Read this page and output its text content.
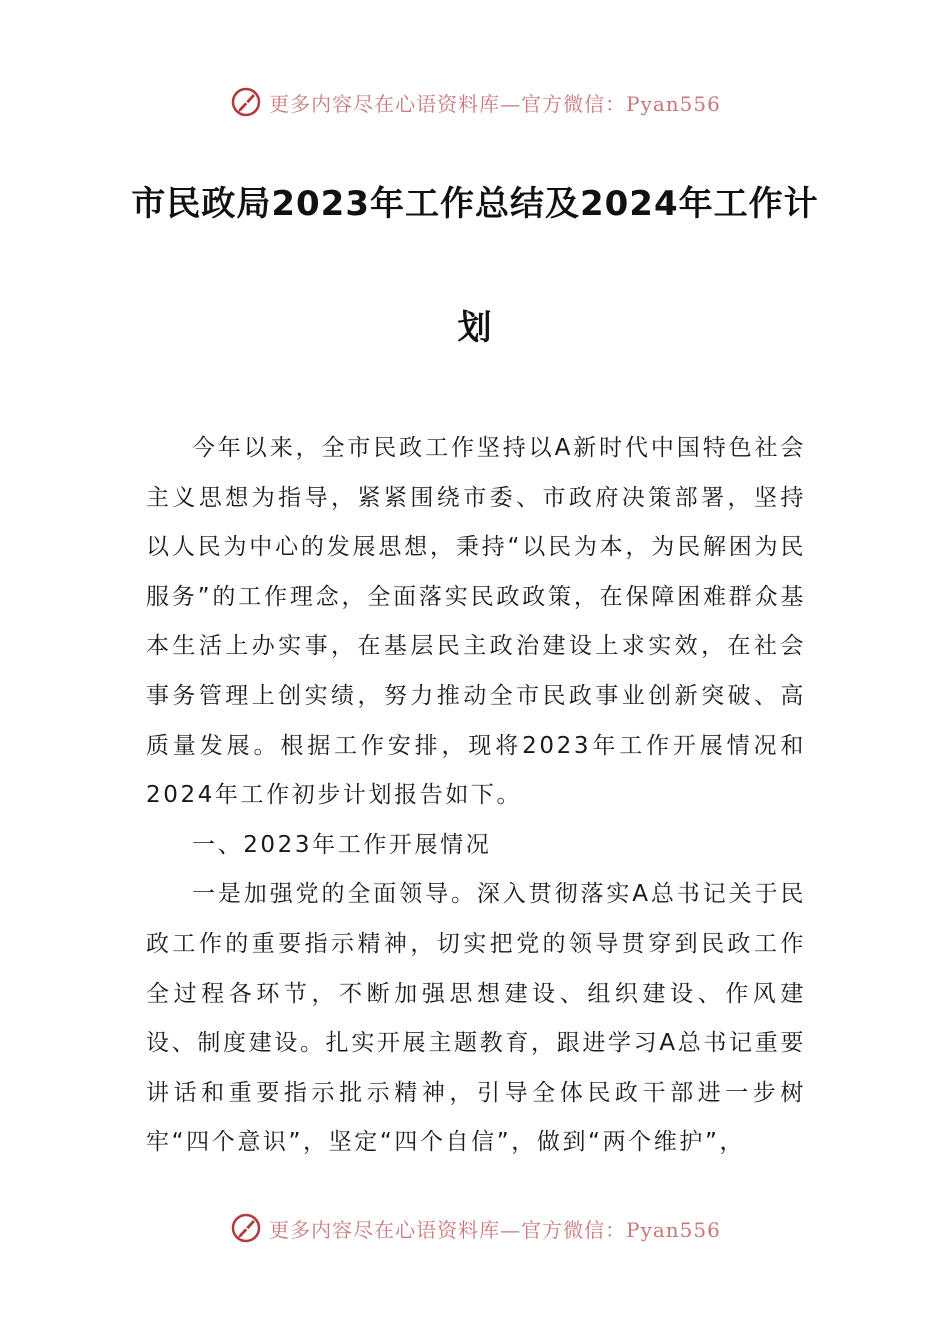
更多内容尽在心语资料库—官方微信：Pyan556
市民政局2023年工作总结及2024年工作计
划

今年以来，全市民政工作坚持以A新时代中国特色社会主义思想为指导，紧紧围绕市委、市政府决策部署，坚持以人民为中心的发展思想，秉持“以民为本，为民解困为民服务”的工作理念，全面落实民政政策，在保障困难群众基本生活上办实事，在基层民主政治建设上求实效，在社会事务管理上创实绩，努力推动全市民政事业创新突破、高质量发展。根据工作安排，现将2023年工作开展情况和2024年工作初步计划报告如下。

一、2023年工作开展情况

一是加强党的全面领导。深入贯彻落实A总书记关于民政工作的重要指示精神，切实把党的领导贯穿到民政工作全过程各环节，不断加强思想建设、组织建设、作风建设、制度建设。扎实开展主题教育，跟进学习A总书记重要讲话和重要指示批示精神，引导全体民政干部进一步树牢“四个意识”，坚定“四个自信”，做到“两个维护”，

更多内容尽在心语资料库—官方微信：Pyan556
